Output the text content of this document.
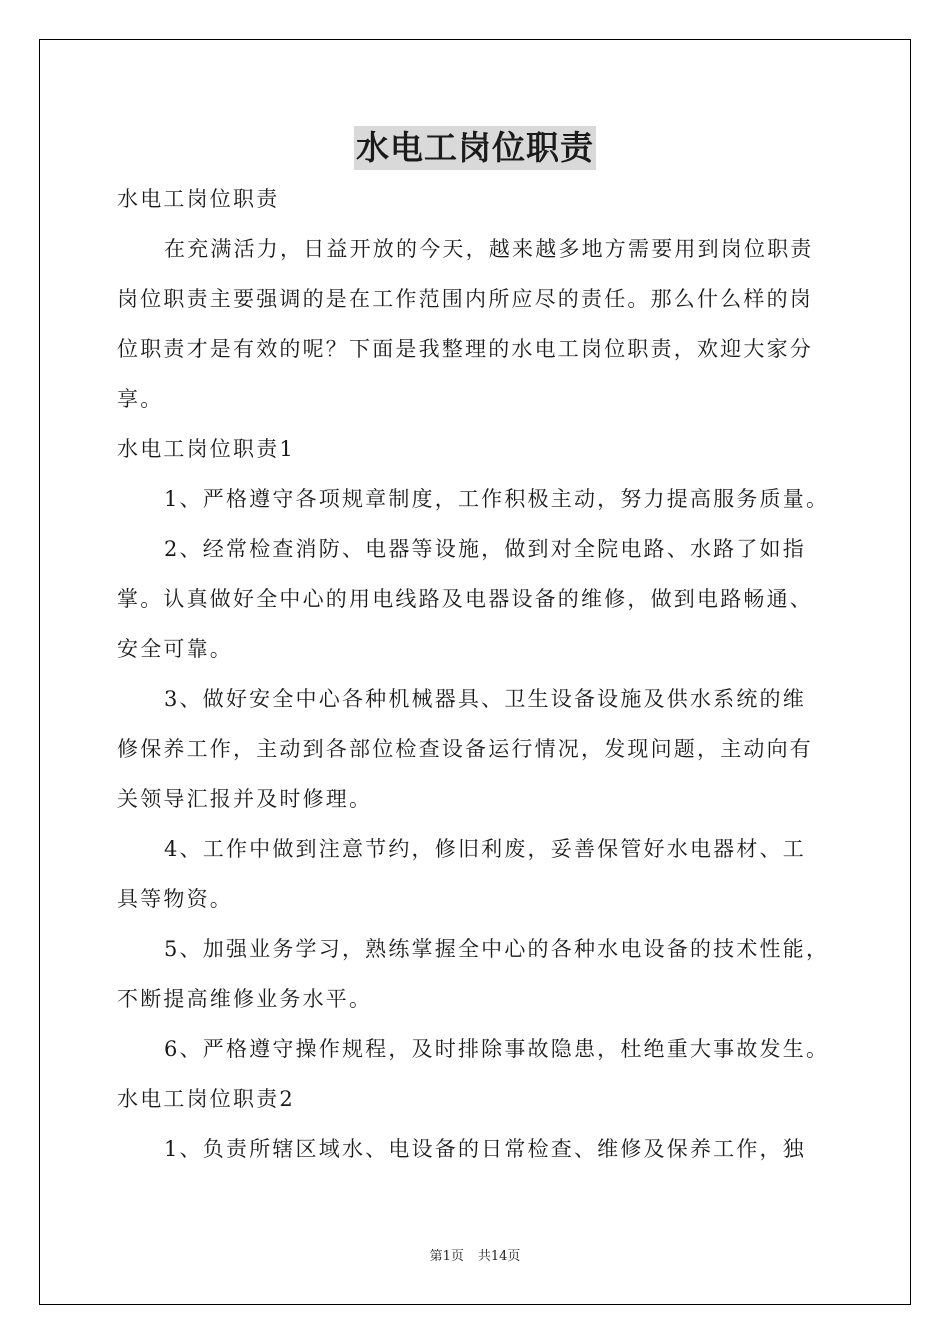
水电工岗位职责
水电工岗位职责
在充满活力，日益开放的今天，越来越多地方需要用到岗位职责
岗位职责主要强调的是在工作范围内所应尽的责任。那么什么样的岗
位职责才是有效的呢？下面是我整理的水电工岗位职责，欢迎大家分
享。
水电工岗位职责1
1、严格遵守各项规章制度，工作积极主动，努力提高服务质量。
2、经常检查消防、电器等设施，做到对全院电路、水路了如指
掌。认真做好全中心的用电线路及电器设备的维修，做到电路畅通、
安全可靠。
3、做好安全中心各种机械器具、卫生设备设施及供水系统的维
修保养工作，主动到各部位检查设备运行情况，发现问题，主动向有
关领导汇报并及时修理。
4、工作中做到注意节约，修旧利废，妥善保管好水电器材、工
具等物资。
5、加强业务学习，熟练掌握全中心的各种水电设备的技术性能，
不断提高维修业务水平。
6、严格遵守操作规程，及时排除事故隐患，杜绝重大事故发生。
水电工岗位职责2
1、负责所辖区域水、电设备的日常检查、维修及保养工作，独
第1页 共14页
